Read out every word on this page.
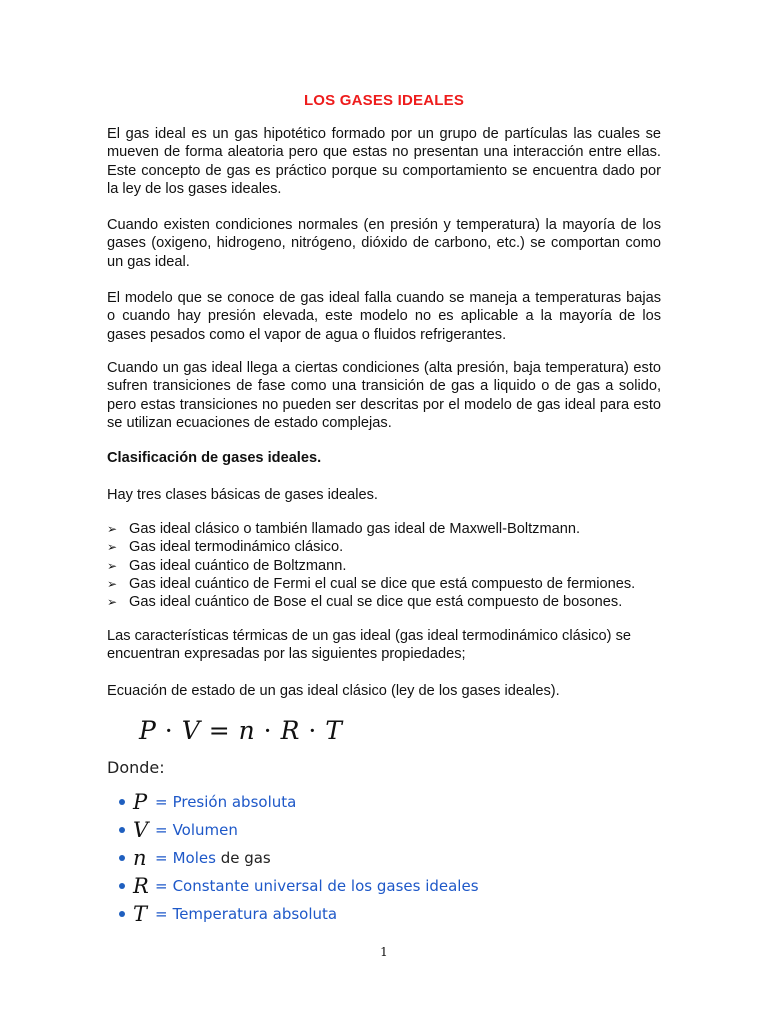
LOS GASES IDEALES
El gas ideal es un gas hipotético formado por un grupo de partículas las cuales se mueven de forma aleatoria pero que estas no presentan una interacción entre ellas. Este concepto de gas es práctico porque su comportamiento se encuentra dado por la ley de los gases ideales.
Cuando existen condiciones normales (en presión y temperatura) la mayoría de los gases (oxigeno, hidrogeno, nitrógeno, dióxido de carbono, etc.) se comportan como un gas ideal.
El modelo que se conoce de gas ideal falla cuando se maneja a temperaturas bajas o cuando hay presión elevada, este modelo no es aplicable a la mayoría de los gases pesados como el vapor de agua o fluidos refrigerantes.
Cuando un gas ideal llega a ciertas condiciones (alta presión, baja temperatura) esto sufren transiciones de fase como una transición de gas a liquido o de gas a solido, pero estas transiciones no pueden ser descritas por el modelo de gas ideal para esto se utilizan ecuaciones de estado complejas.
Clasificación de gases ideales.
Hay tres clases básicas de gases ideales.
➢ Gas ideal clásico o también llamado gas ideal de Maxwell-Boltzmann.
➢ Gas ideal termodinámico clásico.
➢ Gas ideal cuántico de Boltzmann.
➢ Gas ideal cuántico de Fermi el cual se dice que está compuesto de fermiones.
➢ Gas ideal cuántico de Bose el cual se dice que está compuesto de bosones.
Las características térmicas de un gas ideal (gas ideal termodinámico clásico) se encuentran expresadas por las siguientes propiedades;
Ecuación de estado de un gas ideal clásico (ley de los gases ideales).
P · V = n · R · T
Donde:
P = Presión absoluta
V = Volumen
n = Moles de gas
R = Constante universal de los gases ideales
T = Temperatura absoluta
1
